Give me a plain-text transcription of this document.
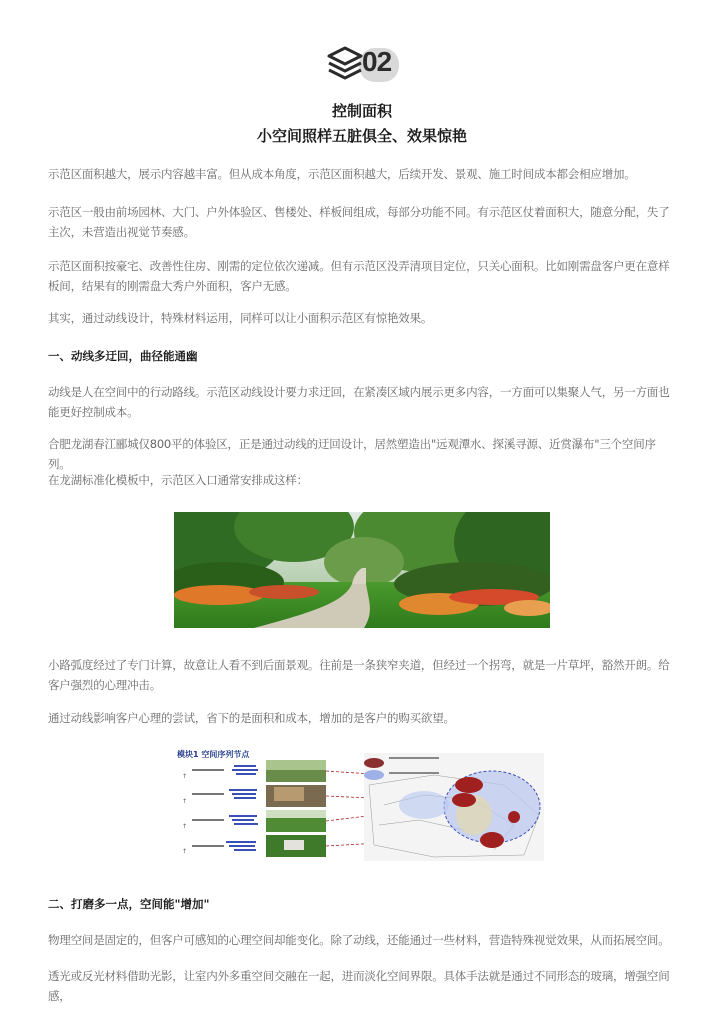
02
控制面积
小空间照样五脏俱全、效果惊艳
示范区面积越大，展示内容越丰富。但从成本角度，示范区面积越大，后续开发、景观、施工时间成本都会相应增加。
示范区一般由前场园林、大门、户外体验区、售楼处、样板间组成，每部分功能不同。有示范区仗着面积大，随意分配，失了主次，未营造出视觉节奏感。
示范区面积按豪宅、改善性住房、刚需的定位依次递减。但有示范区没弄清项目定位，只关心面积。比如刚需盘客户更在意样板间，结果有的刚需盘大秀户外面积，客户无感。
其实，通过动线设计，特殊材料运用，同样可以让小面积示范区有惊艳效果。
一、动线多迂回，曲径能通幽
动线是人在空间中的行动路线。示范区动线设计要力求迂回，在紧凑区域内展示更多内容，一方面可以集聚人气，另一方面也能更好控制成本。
合肥龙湖春江郦城仅800平的体验区，正是通过动线的迂回设计，居然塑造出"远观潭水、探溪寻源、近赏瀑布"三个空间序列。
在龙湖标准化模板中，示范区入口通常安排成这样：
小路弧度经过了专门计算，故意让人看不到后面景观。往前是一条狭窄夹道，但经过一个拐弯，就是一片草坪，豁然开朗。给客户强烈的心理冲击。
通过动线影响客户心理的尝试，省下的是面积和成本，增加的是客户的购买欲望。
模块1 空间序列节点
↑
↑
↑
↑
二、打磨多一点，空间能"增加"
物理空间是固定的，但客户可感知的心理空间却能变化。除了动线，还能通过一些材料，营造特殊视觉效果，从而拓展空间。
透光或反光材料借助光影，让室内外多重空间交融在一起，进而淡化空间界限。具体手法就是通过不同形态的玻璃，增强空间感，
